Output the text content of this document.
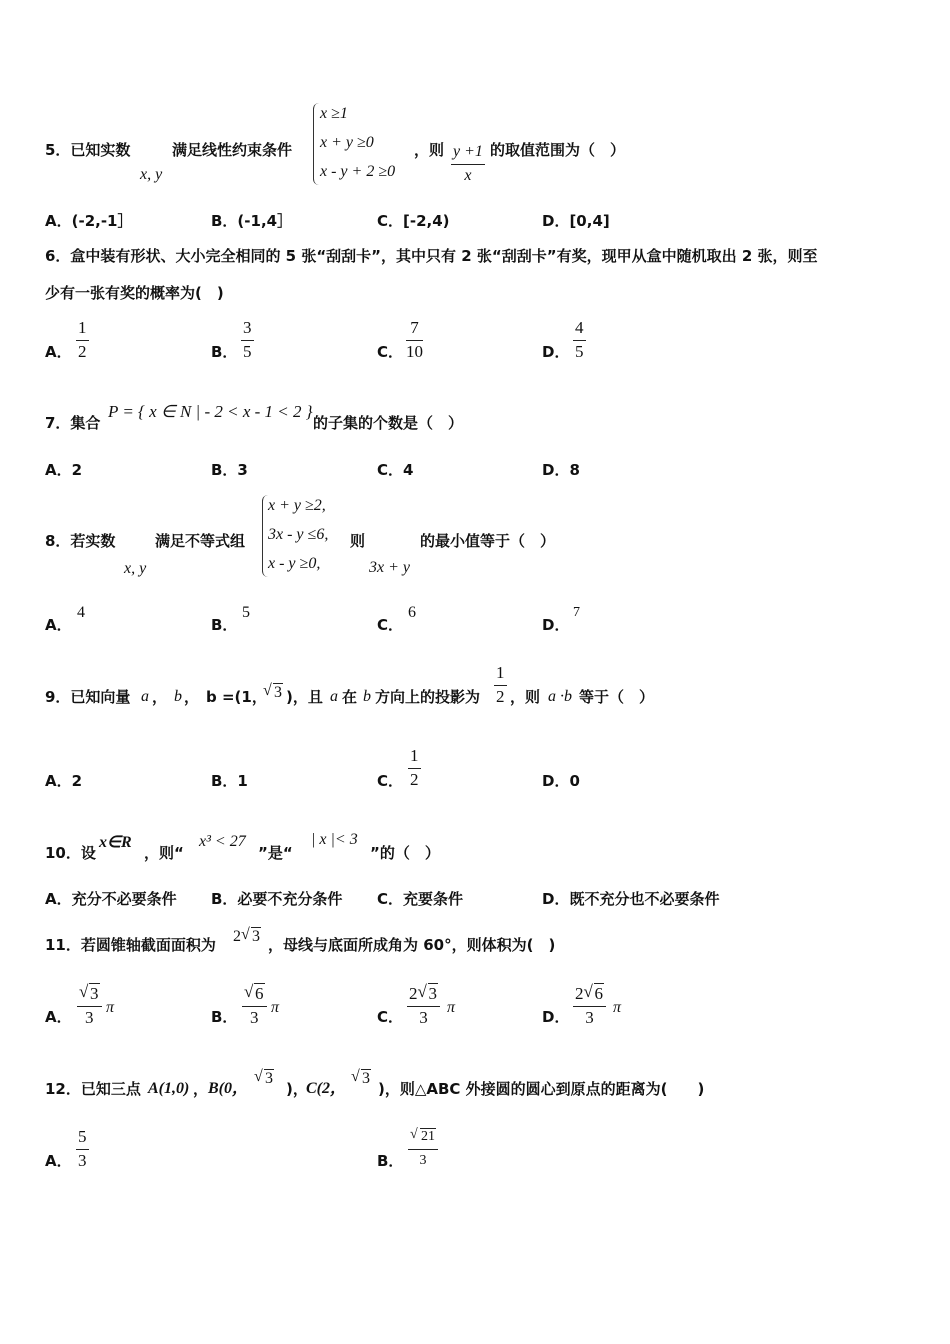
5．已知实数	满足线性约束条件
x, y
x ≥1
x + y ≥0
x - y + 2 ≥0
，则 y +1
x
的取值范围为（　）
A．(-2,-1］	B．(-1,4］	C．[-2,4)	D．[0,4]
6．盒中装有形状、大小完全相同的 5 张“刮刮卡”，其中只有 2 张“刮刮卡”有奖，现甲从盒中随机取出 2 张，则至
少有一张有奖的概率为(　)
A．
1
2	B．
3
5	C．
7
10	D．
4
5
7．集合
P = { x ∈ N | - 2 < x - 1 < 2 }
的子集的个数是（　）
A．2	B．3	C．4	D．8
8．若实数	满足不等式组
x, y
x + y ≥2,
3x - y ≤6,
x - y ≥0,
则
3x + y
的最小值等于（　）
A．
4
B．
5
C．
6
D．
7
9．已知向量 a ， b ， b =(1，
√ 3 )，且 a 在 b 方向上的投影为
1
2 ，则 a ·b 等于（　）
A．2	B．1	C．
1
2	D．0
10．设
x∈R
，则“
x³ < 27
”是“
| x |< 3
”的（　）
A．充分不必要条件 B．必要不充分条件 C．充要条件	D．既不充分也不必要条件
11．若圆锥轴截面面积为 2 √ 3 ，母线与底面所成角为 60°，则体积为(　)
A．
√ 3
3
π
B．
√ 6
3
π
C．
2 √ 3
3
π
D．
2 √ 6
3
π
12．已知三点 A(1,0) ， B(0，
√ 3
)，
C(2，
√ 3
)，则△ABC 外接圆的圆心到原点的距离为(　　)
A．
5
3	B．
√ 21
3
